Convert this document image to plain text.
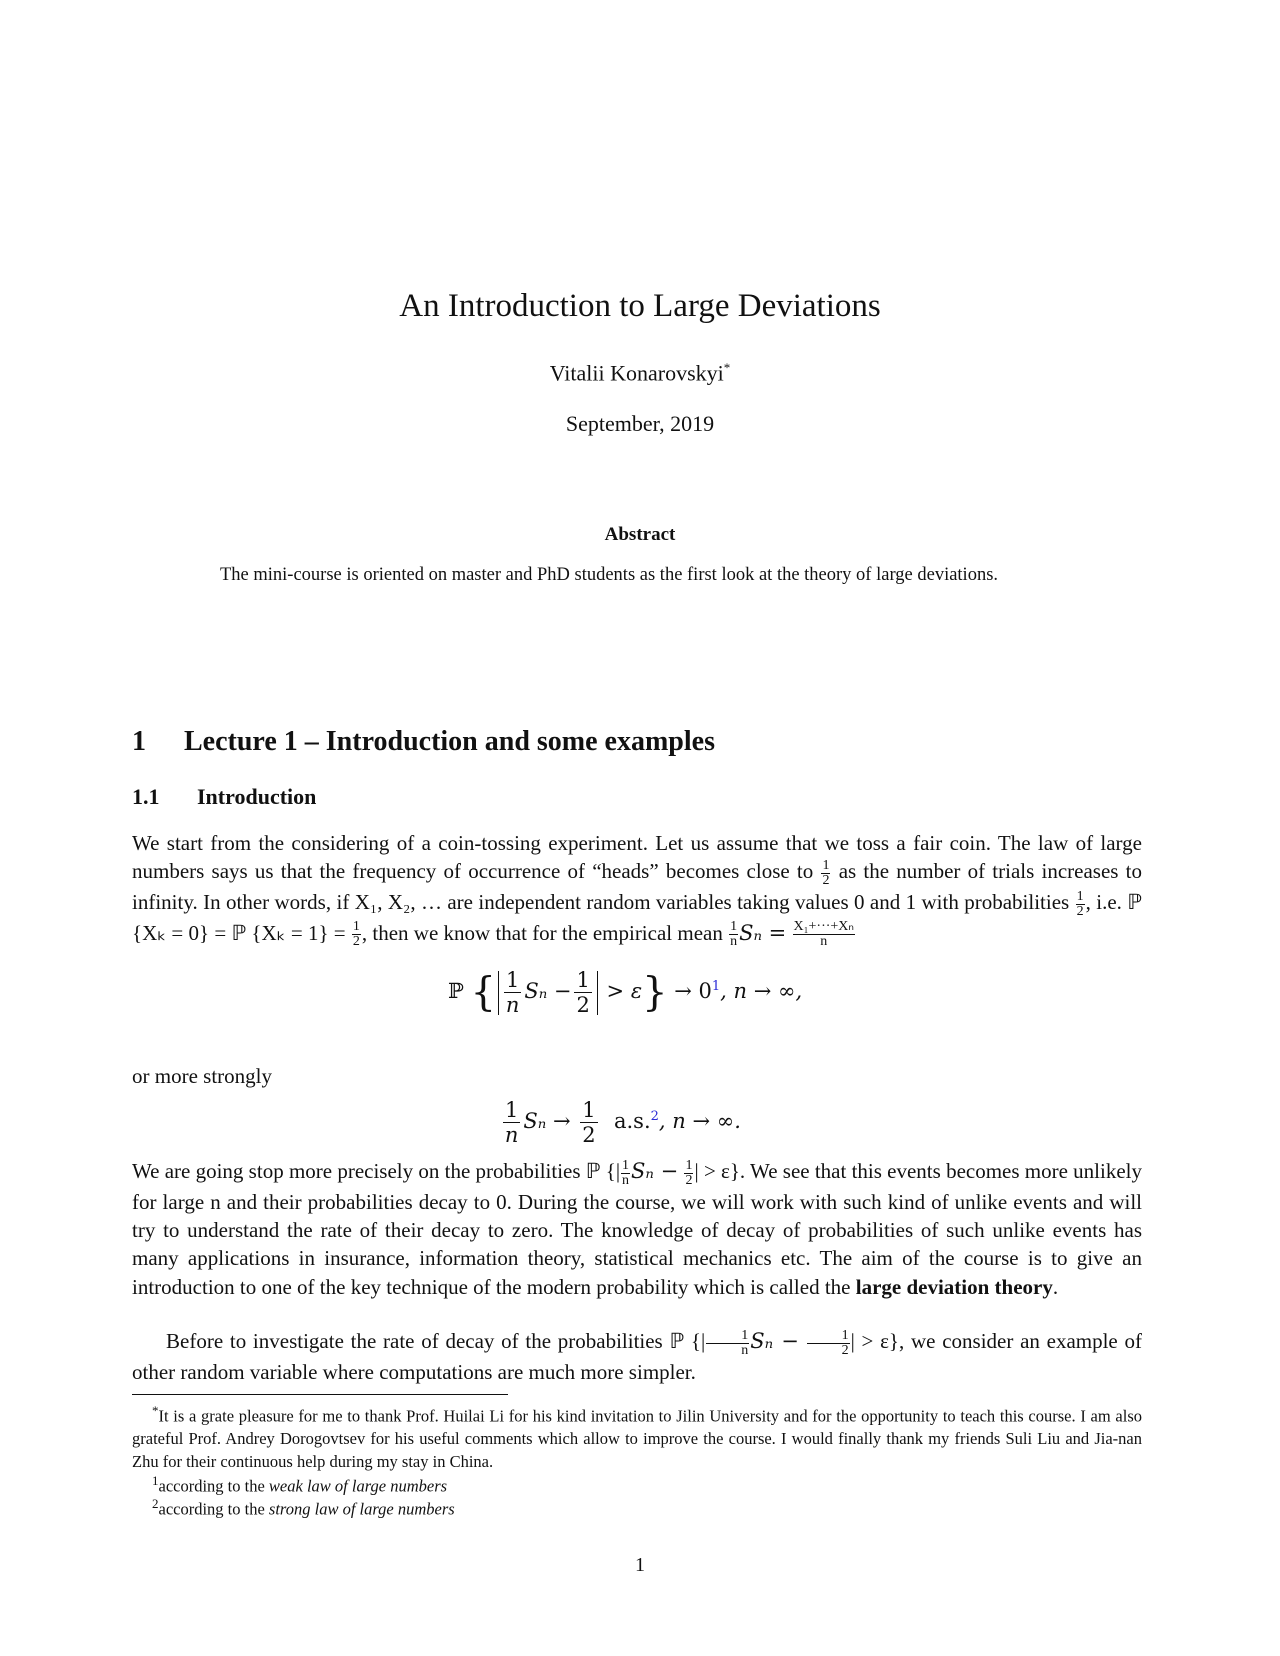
An Introduction to Large Deviations
Vitalii Konarovskyi*
September, 2019
Abstract
The mini-course is oriented on master and PhD students as the first look at the theory of large deviations.
1 Lecture 1 – Introduction and some examples
1.1 Introduction
We start from the considering of a coin-tossing experiment. Let us assume that we toss a fair coin. The law of large numbers says us that the frequency of occurrence of “heads” becomes close to $\frac{1}{2}$ as the number of trials increases to infinity. In other words, if X₁, X₂, … are independent random variables taking values 0 and 1 with probabilities $\frac{1}{2}$ , i.e. ℙ {Xₖ = 0} = ℙ $\{X_k = 1\} = \frac{1}{2}$ , then we know that for the empirical mean $\frac{1}{n}$ $S_n = \frac{\text{X₁+···+Xₙ}}{n}$
ℙ { $\frac{1}{n}$ $S_n - \frac{1}{2} > \varepsilon\} \to 0^1$, n → ∞,
or more strongly
$\frac{1}{n}$ $S_n \to \frac{1}{2} a.s.^2$, n → ∞.
We are going stop more precisely on the probabilities ℙ {| $\frac{1}{n}$ $S_n - \frac{1}{2}$ | > ε}. We see that this events becomes more unlikely for large n and their probabilities decay to 0. During the course, we will work with such kind of unlike events and will try to understand the rate of their decay to zero. The knowledge of decay of probabilities of such unlike events has many applications in insurance, information theory, statistical mechanics etc. The aim of the course is to give an introduction to one of the key technique of the modern probability which is called the large deviation theory.
Before to investigate the rate of decay of the probabilities ℙ {| $\frac{1}{n}$ $S_n - \frac{1}{2}$ | > ε}, we consider an example of other random variable where computations are much more simpler.
*It is a grate pleasure for me to thank Prof. Huilai Li for his kind invitation to Jilin University and for the opportunity to teach this course. I am also grateful Prof. Andrey Dorogovtsev for his useful comments which allow to improve the course. I would finally thank my friends Suli Liu and Jia-nan Zhu for their continuous help during my stay in China.
$^1$according to the weak law of large numbers
$^2$according to the strong law of large numbers
1
